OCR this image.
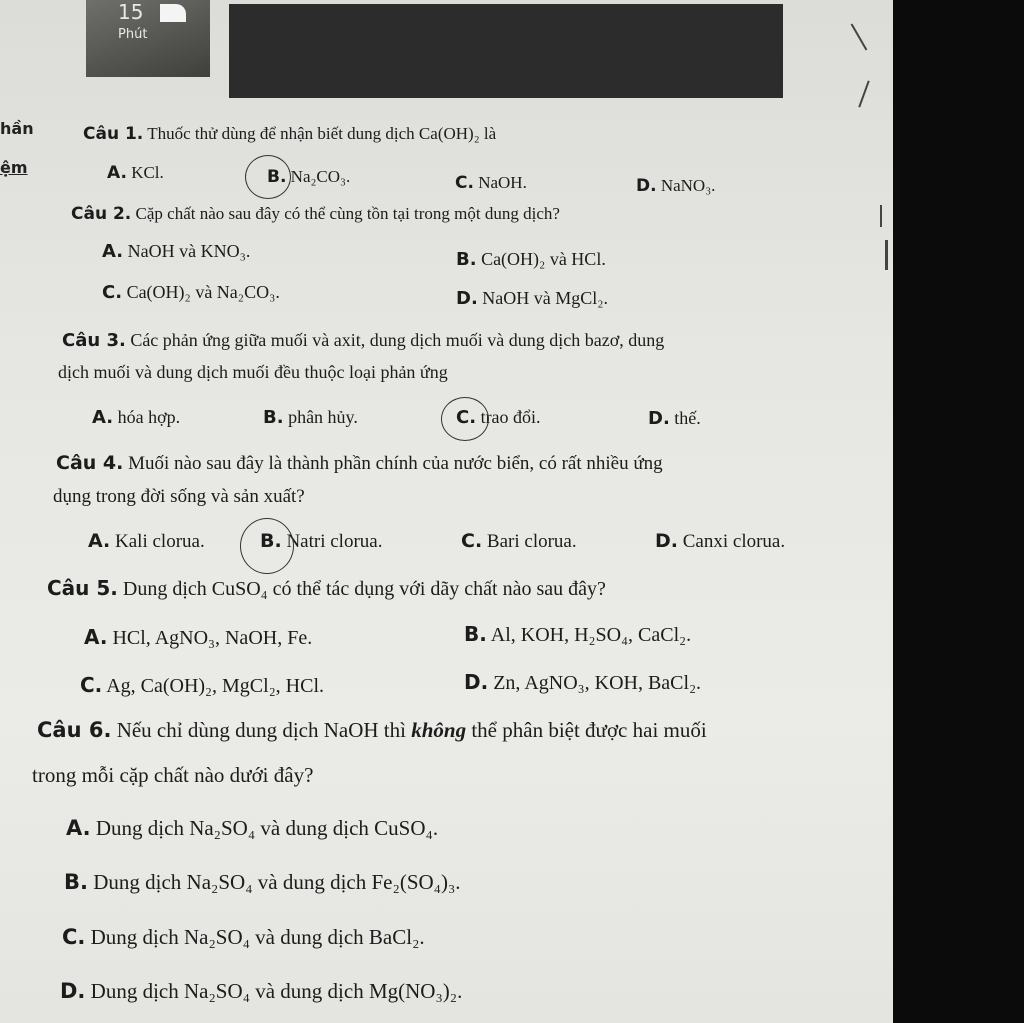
15
Phút
hần
ệm
Câu 1. Thuốc thử dùng để nhận biết dung dịch Ca(OH)₂ là
A. KCl.	B. Na₂CO₃.	C. NaOH.	D. NaNO₃.
Câu 2. Cặp chất nào sau đây có thể cùng tồn tại trong một dung dịch?
A. NaOH và KNO₃.	B. Ca(OH)₂ và HCl.
C. Ca(OH)₂ và Na₂CO₃.	D. NaOH và MgCl₂.
Câu 3. Các phản ứng giữa muối và axit, dung dịch muối và dung dịch bazơ, dung
dịch muối và dung dịch muối đều thuộc loại phản ứng
A. hóa hợp.	B. phân hủy.	C. trao đổi.	D. thế.
Câu 4. Muối nào sau đây là thành phần chính của nước biển, có rất nhiều ứng
dụng trong đời sống và sản xuất?
A. Kali clorua.	B. Natri clorua.	C. Bari clorua.	D. Canxi clorua.
Câu 5. Dung dịch CuSO₄ có thể tác dụng với dãy chất nào sau đây?
A. HCl, AgNO₃, NaOH, Fe.	B. Al, KOH, H₂SO₄, CaCl₂.
C. Ag, Ca(OH)₂, MgCl₂, HCl.	D. Zn, AgNO₃, KOH, BaCl₂.
Câu 6. Nếu chỉ dùng dung dịch NaOH thì không thể phân biệt được hai muối
trong mỗi cặp chất nào dưới đây?
A. Dung dịch Na₂SO₄ và dung dịch CuSO₄.
B. Dung dịch Na₂SO₄ và dung dịch Fe₂(SO₄)₃.
C. Dung dịch Na₂SO₄ và dung dịch BaCl₂.
D. Dung dịch Na₂SO₄ và dung dịch Mg(NO₃)₂.
